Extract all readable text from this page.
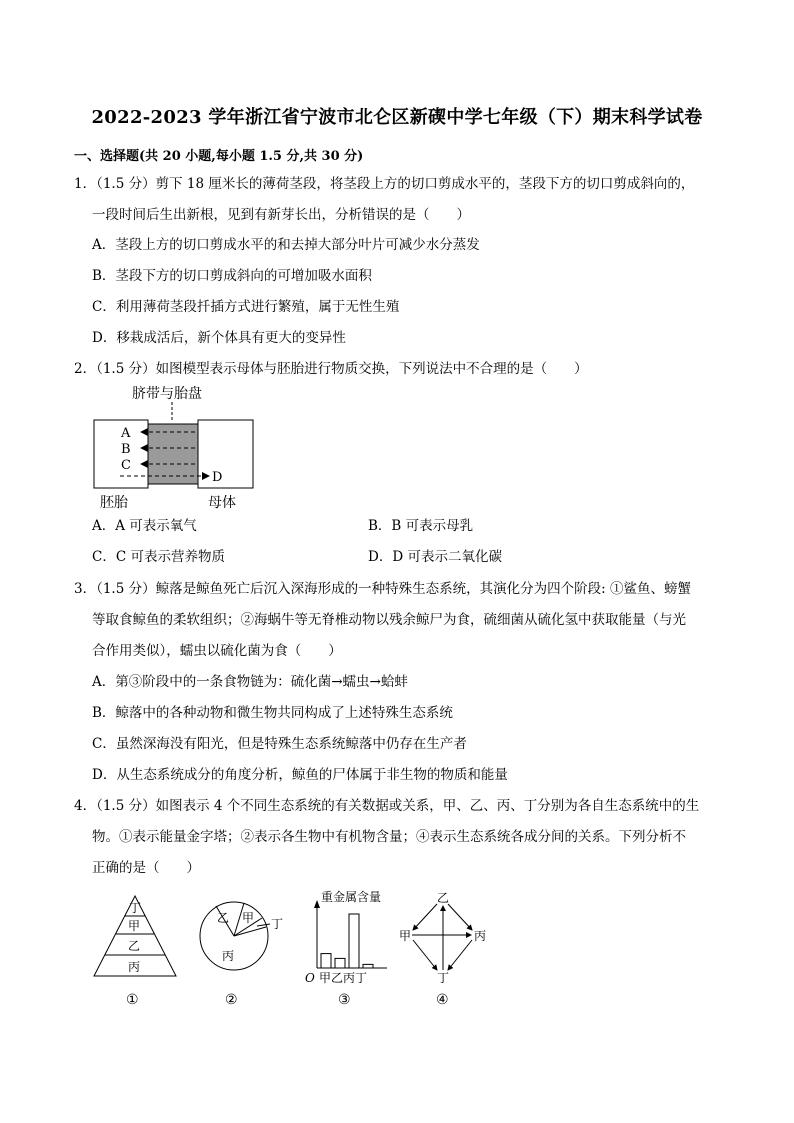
2022-2023 学年浙江省宁波市北仑区新碶中学七年级（下）期末科学试卷
一、选择题(共 20 小题,每小题 1.5 分,共 30 分)
1．（1.5 分）剪下 18 厘米长的薄荷茎段，将茎段上方的切口剪成水平的，茎段下方的切口剪成斜向的，
一段时间后生出新根，见到有新芽长出，分析错误的是（　　）
A．茎段上方的切口剪成水平的和去掉大部分叶片可减少水分蒸发
B．茎段下方的切口剪成斜向的可增加吸水面积
C．利用薄荷茎段扦插方式进行繁殖，属于无性生殖
D．移栽成活后，新个体具有更大的变异性
2．（1.5 分）如图模型表示母体与胚胎进行物质交换，下列说法中不合理的是（　　）
脐带与胎盘
A
B
C
D
胚胎	母体
A．A 可表示氧气	B．B 可表示母乳
C．C 可表示营养物质	D．D 可表示二氧化碳
3．（1.5 分）鲸落是鲸鱼死亡后沉入深海形成的一种特殊生态系统，其演化分为四个阶段: ①鲨鱼、螃蟹
等取食鲸鱼的柔软组织；②海蜗牛等无脊椎动物以残余鲸尸为食，硫细菌从硫化氢中获取能量（与光
合作用类似），蠕虫以硫化菌为食（　　）
A．第③阶段中的一条食物链为：硫化菌→蠕虫→蛤蚌
B．鲸落中的各种动物和微生物共同构成了上述特殊生态系统
C．虽然深海没有阳光，但是特殊生态系统鲸落中仍存在生产者
D．从生态系统成分的角度分析，鲸鱼的尸体属于非生物的物质和能量
4．（1.5 分）如图表示 4 个不同生态系统的有关数据或关系，甲、乙、丙、丁分别为各自生态系统中的生
物。①表示能量金字塔；②表示各生物中有机物含量；④表示生态系统各成分间的关系。下列分析不
正确的是（　　）
丁
甲
乙
丙
①
乙 甲 丁
丙
②
重金属含量
O 甲乙丙丁
③
乙
甲	丙
丁
④
